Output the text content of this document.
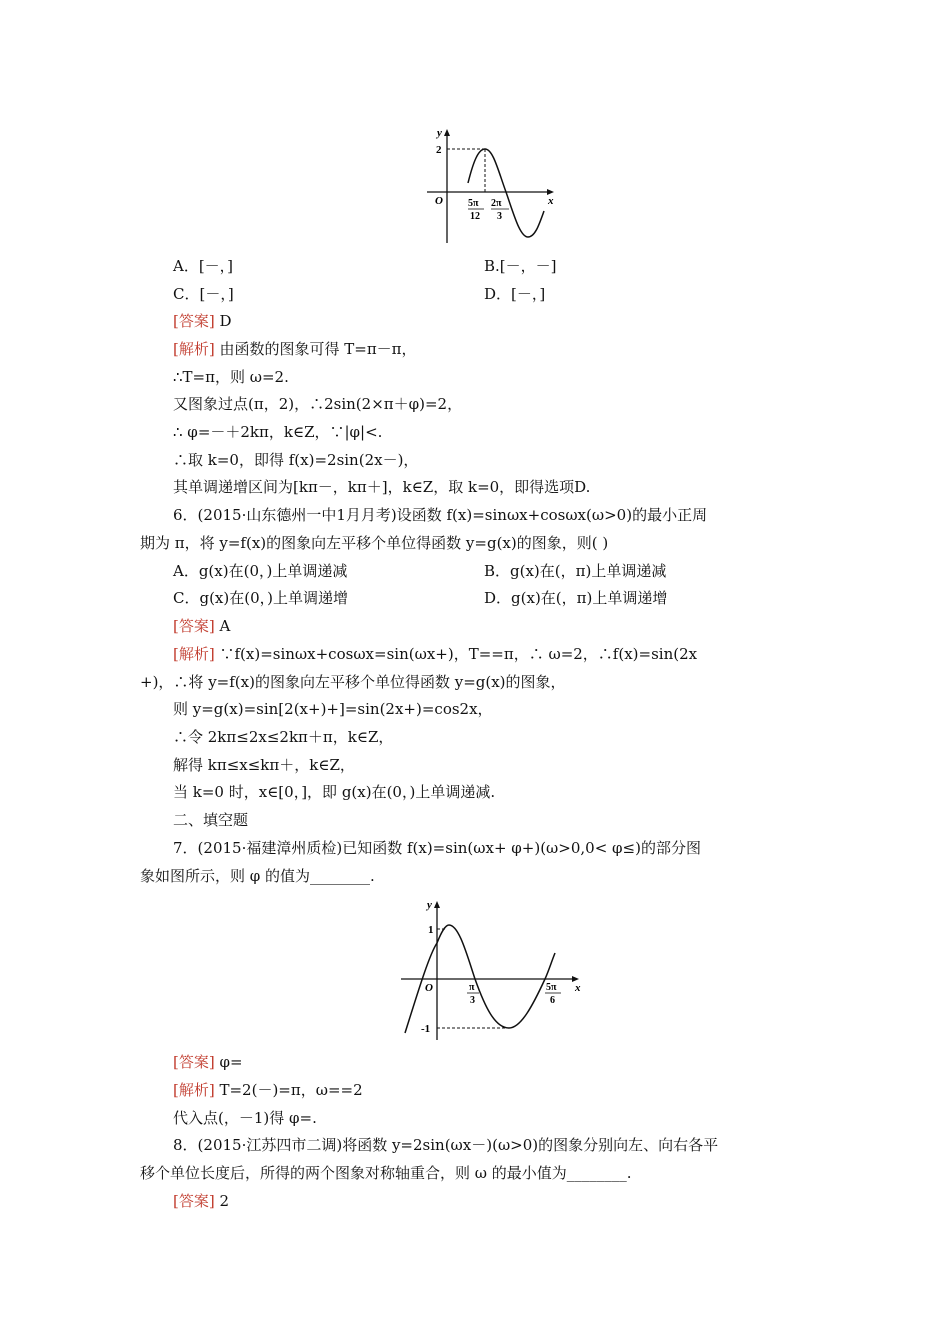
y
x
O
2
5π
12
2π
3
y
x
O
1
-1
π
3
5π
6
A．[－，]	B.[－，－]
C．[－，]	D．[－，]
[答案] D
[解析] 由函数的图象可得 T=π－π，
∴T=π，则 ω=2.
又图象过点(π，2)，∴2sin(2×π＋φ)=2，
∴ φ=－＋2kπ，k∈Z，∵|φ|<.
∴取 k=0，即得 f(x)=2sin(2x－)，
其单调递增区间为[kπ－，kπ＋]，k∈Z，取 k=0，即得选项D.
6．(2015·山东德州一中1月月考)设函数 f(x)=sinωx+cosωx(ω>0)的最小正周
期为 π，将 y=f(x)的图象向左平移个单位得函数 y=g(x)的图象，则( )
A．g(x)在(0，)上单调递减	B．g(x)在(，π)上单调递减
C．g(x)在(0，)上单调递增	D．g(x)在(，π)上单调递增
[答案] A
[解析] ∵f(x)=sinωx+cosωx=sin(ωx+)，T==π，∴ ω=2，∴f(x)=sin(2x
+)，∴将 y=f(x)的图象向左平移个单位得函数 y=g(x)的图象，
则 y=g(x)=sin[2(x+)+]=sin(2x+)=cos2x，
∴令 2kπ≤2x≤2kπ＋π，k∈Z，
解得 kπ≤x≤kπ＋，k∈Z，
当 k=0 时，x∈[0，]，即 g(x)在(0，)上单调递减.
二、填空题
7．(2015·福建漳州质检)已知函数 f(x)=sin(ωx+ φ+)(ω>0,0< φ≤)的部分图
象如图所示，则 φ 的值为________.
[答案] φ=
[解析] T=2(－)=π，ω==2
代入点(，－1)得 φ=.
8．(2015·江苏四市二调)将函数 y=2sin(ωx－)(ω>0)的图象分别向左、向右各平
移个单位长度后，所得的两个图象对称轴重合，则 ω 的最小值为________.
[答案] 2
